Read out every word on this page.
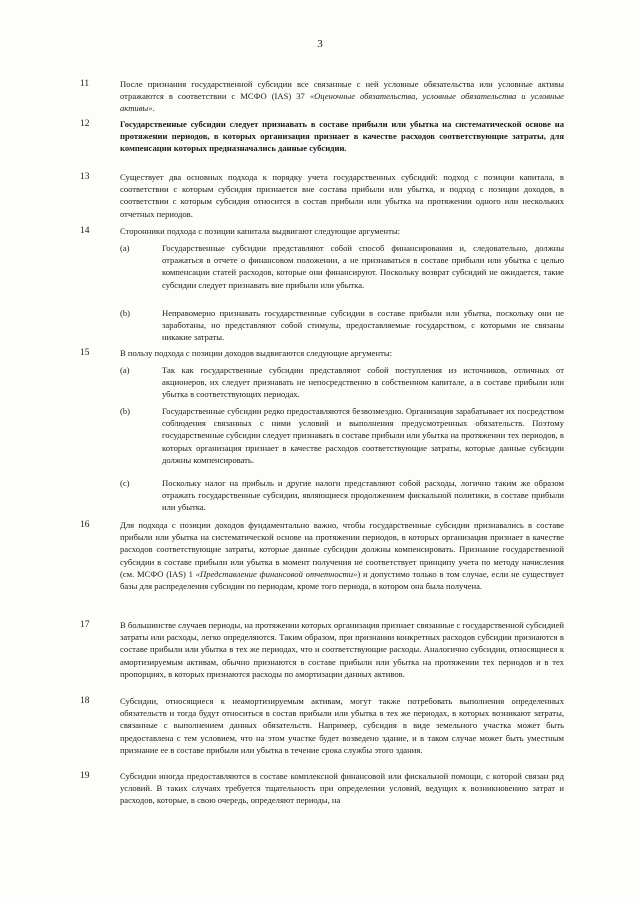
3
11	После признания государственной субсидии все связанные с ней условные обязательства или условные активы отражаются в соответствии с МСФО (IAS) 37 «Оценочные обязательства, условные обязательства и условные активы».
12	Государственные субсидии следует признавать в составе прибыли или убытка на систематической основе на протяжении периодов, в которых организация признает в качестве расходов соответствующие затраты, для компенсации которых предназначались данные субсидии.
13	Существует два основных подхода к порядку учета государственных субсидий: подход с позиции капитала, в соответствии с которым субсидия признается вне состава прибыли или убытка, и подход с позиции доходов, в соответствии с которым субсидия относится в состав прибыли или убытка на протяжении одного или нескольких отчетных периодов.
14	Сторонники подхода с позиции капитала выдвигают следующие аргументы:
(a)	Государственные субсидии представляют собой способ финансирования и, следовательно, должны отражаться в отчете о финансовом положении, а не признаваться в составе прибыли или убытка с целью компенсации статей расходов, которые они финансируют. Поскольку возврат субсидий не ожидается, такие субсидии следует признавать вне прибыли или убытка.
(b)	Неправомерно признавать государственные субсидии в составе прибыли или убытка, поскольку они не заработаны, но представляют собой стимулы, предоставляемые государством, с которыми не связаны никакие затраты.
15	В пользу подхода с позиции доходов выдвигаются следующие аргументы:
(a)	Так как государственные субсидии представляют собой поступления из источников, отличных от акционеров, их следует признавать не непосредственно в собственном капитале, а в составе прибыли или убытка в соответствующих периодах.
(b)	Государственные субсидии редко предоставляются безвозмездно. Организация зарабатывает их посредством соблюдения связанных с ними условий и выполнения предусмотренных обязательств. Поэтому государственные субсидии следует признавать в составе прибыли или убытка на протяжении тех периодов, в которых организация признает в качестве расходов соответствующие затраты, которые данные субсидии должны компенсировать.
(c)	Поскольку налог на прибыль и другие налоги представляют собой расходы, логично таким же образом отражать государственные субсидии, являющиеся продолжением фискальной политики, в составе прибыли или убытка.
16	Для подхода с позиции доходов фундаментально важно, чтобы государственные субсидии признавались в составе прибыли или убытка на систематической основе на протяжении периодов, в которых организация признает в качестве расходов соответствующие затраты, которые данные субсидии должны компенсировать. Признание государственной субсидии в составе прибыли или убытка в момент получения не соответствует принципу учета по методу начисления (см. МСФО (IAS) 1 «Представление финансовой отчетности») и допустимо только в том случае, если не существует базы для распределения субсидии по периодам, кроме того периода, в котором она была получена.
17	В большинстве случаев периоды, на протяжении которых организация признает связанные с государственной субсидией затраты или расходы, легко определяются. Таким образом, при признании конкретных расходов субсидии признаются в составе прибыли или убытка в тех же периодах, что и соответствующие расходы. Аналогично субсидии, относящиеся к амортизируемым активам, обычно признаются в составе прибыли или убытка на протяжении тех периодов и в тех пропорциях, в которых признаются расходы по амортизации данных активов.
18	Субсидии, относящиеся к неамортизируемым активам, могут также потребовать выполнения определенных обязательств и тогда будут относиться в состав прибыли или убытка в тех же периодах, в которых возникают затраты, связанные с выполнением данных обязательств. Например, субсидия в виде земельного участка может быть предоставлена с тем условием, что на этом участке будет возведено здание, и в таком случае может быть уместным признание ее в составе прибыли или убытка в течение срока службы этого здания.
19	Субсидии иногда предоставляются в составе комплексной финансовой или фискальной помощи, с которой связан ряд условий. В таких случаях требуется тщательность при определении условий, ведущих к возникновению затрат и расходов, которые, в свою очередь, определяют периоды, на
